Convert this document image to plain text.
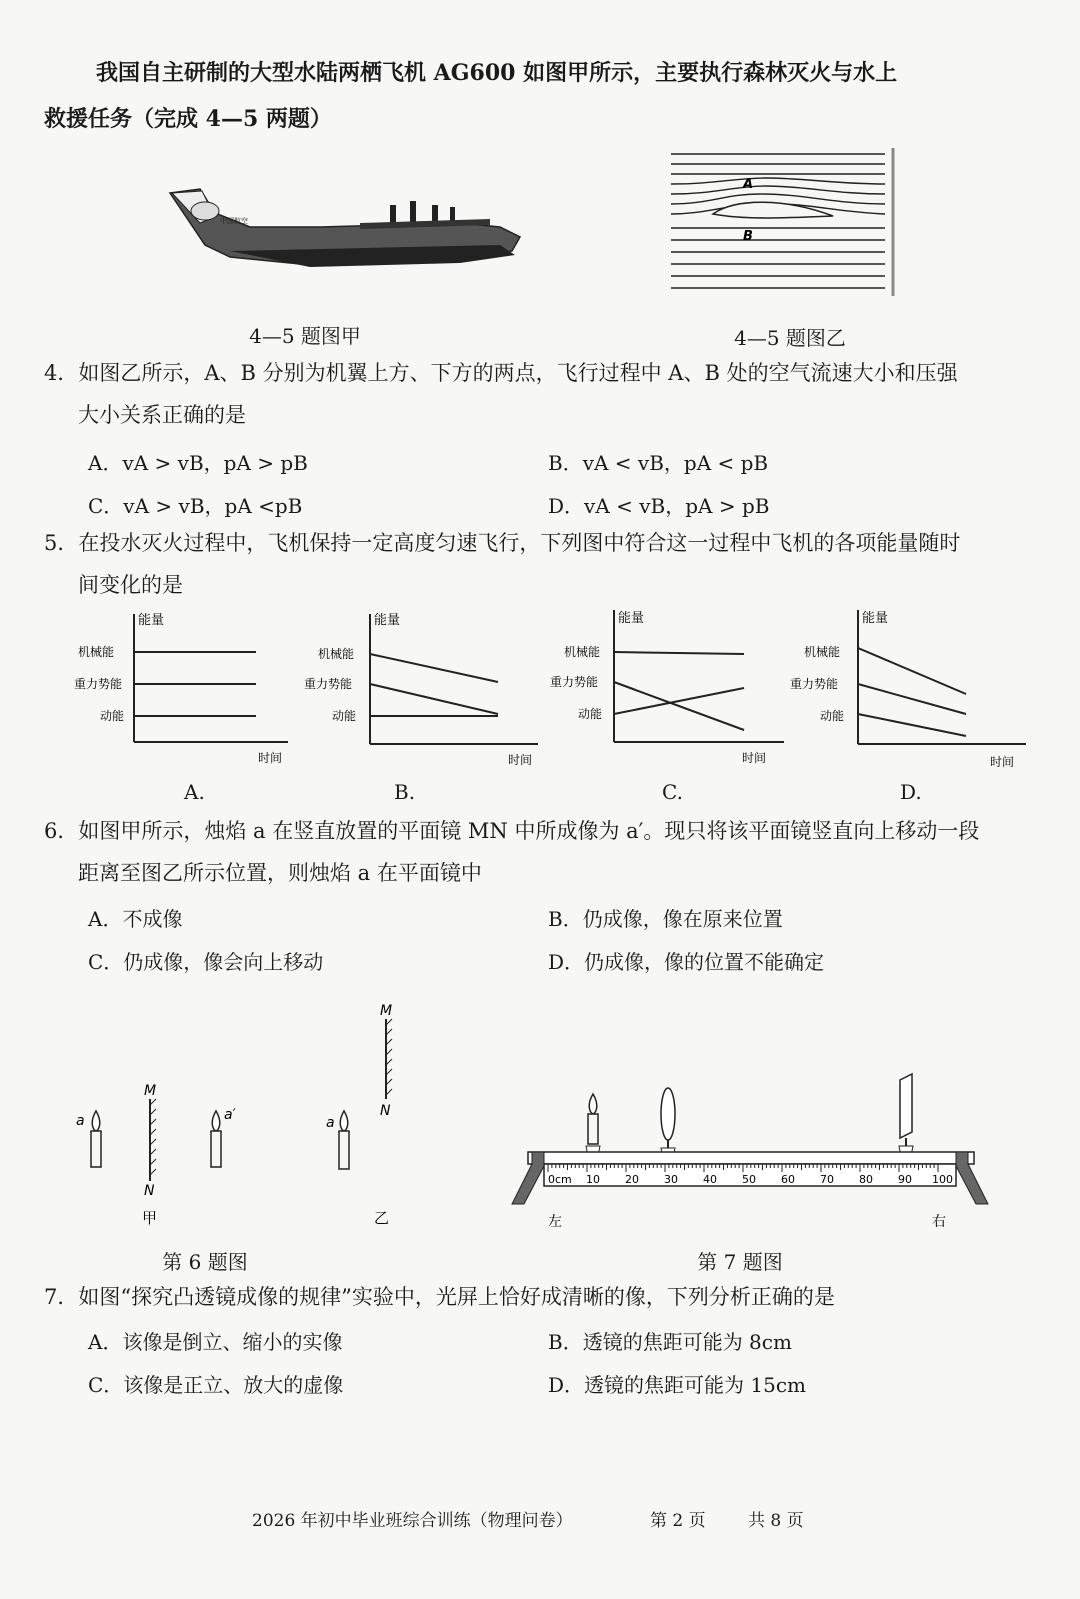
我国自主研制的大型水陆两栖飞机 AG600 如图甲所示，主要执行森林灭火与水上
救援任务（完成 4—5 两题）
中国航空
A
B
4—5 题图甲	4—5 题图乙
4．如图乙所示，A、B 分别为机翼上方、下方的两点，飞行过程中 A、B 处的空气流速大小和压强
大小关系正确的是
A．vA > vB，pA > pB	B．vA < vB，pA < pB
C．vA > vB，pA <pB	D．vA < vB，pA > pB
5．在投水灭火过程中，飞机保持一定高度匀速飞行，下列图中符合这一过程中飞机的各项能量随时
间变化的是
能量
机械能
重力势能
动能
时间
能量
机械能
重力势能
动能
时间
能量
机械能
重力势能
动能
时间
能量
机械能
重力势能
动能
时间
A.	B.	C.	D.
6．如图甲所示，烛焰 a 在竖直放置的平面镜 MN 中所成像为 a′。现只将该平面镜竖直向上移动一段
距离至图乙所示位置，则烛焰 a 在平面镜中
A．不成像	B．仍成像，像在原来位置
C．仍成像，像会向上移动	D．仍成像，像的位置不能确定
a
M
N
a′
甲
a
M
N
乙
第 6 题图
0cm 10 20 30 40 50 60 70 80 90 100
左	右
第 7 题图
7．如图“探究凸透镜成像的规律”实验中，光屏上恰好成清晰的像，下列分析正确的是
A．该像是倒立、缩小的实像	B．透镜的焦距可能为 8cm
C．该像是正立、放大的虚像	D．透镜的焦距可能为 15cm
2026 年初中毕业班综合训练（物理问卷）	第 2 页 共 8 页
